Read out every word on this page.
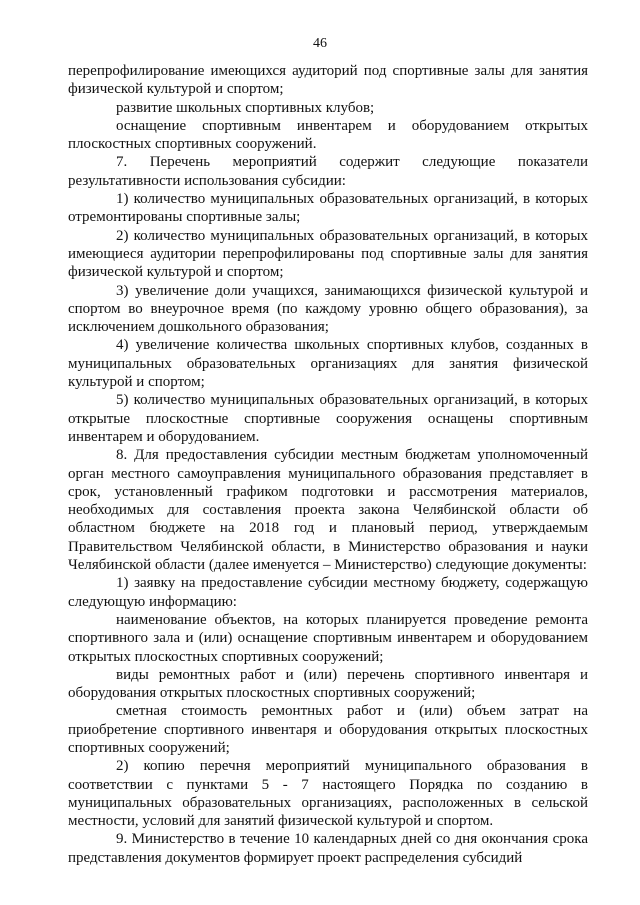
46

перепрофилирование имеющихся аудиторий под спортивные залы для занятия физической культурой и спортом;

развитие школьных спортивных клубов;

оснащение спортивным инвентарем и оборудованием открытых плоскостных спортивных сооружений.

7. Перечень мероприятий содержит следующие показатели результативности использования субсидии:

1) количество муниципальных образовательных организаций, в которых отремонтированы спортивные залы;

2) количество муниципальных образовательных организаций, в которых имеющиеся аудитории перепрофилированы под спортивные залы для занятия физической культурой и спортом;

3) увеличение доли учащихся, занимающихся физической культурой и спортом во внеурочное время (по каждому уровню общего образования), за исключением дошкольного образования;

4) увеличение количества школьных спортивных клубов, созданных в муниципальных образовательных организациях для занятия физической культурой и спортом;

5) количество муниципальных образовательных организаций, в которых открытые плоскостные спортивные сооружения оснащены спортивным инвентарем и оборудованием.

8. Для предоставления субсидии местным бюджетам уполномоченный орган местного самоуправления муниципального образования представляет в срок, установленный графиком подготовки и рассмотрения материалов, необходимых для составления проекта закона Челябинской области об областном бюджете на 2018 год и плановый период, утверждаемым Правительством Челябинской области, в Министерство образования и науки Челябинской области (далее именуется – Министерство) следующие документы:

1) заявку на предоставление субсидии местному бюджету, содержащую следующую информацию:

наименование объектов, на которых планируется проведение ремонта спортивного зала и (или) оснащение спортивным инвентарем и оборудованием открытых плоскостных спортивных сооружений;

виды ремонтных работ и (или) перечень спортивного инвентаря и оборудования открытых плоскостных спортивных сооружений;

сметная стоимость ремонтных работ и (или) объем затрат на приобретение спортивного инвентаря и оборудования открытых плоскостных спортивных сооружений;

2) копию перечня мероприятий муниципального образования в соответствии с пунктами 5 - 7 настоящего Порядка по созданию в муниципальных образовательных организациях, расположенных в сельской местности, условий для занятий физической культурой и спортом.

9. Министерство в течение 10 календарных дней со дня окончания срока представления документов формирует проект распределения субсидий
